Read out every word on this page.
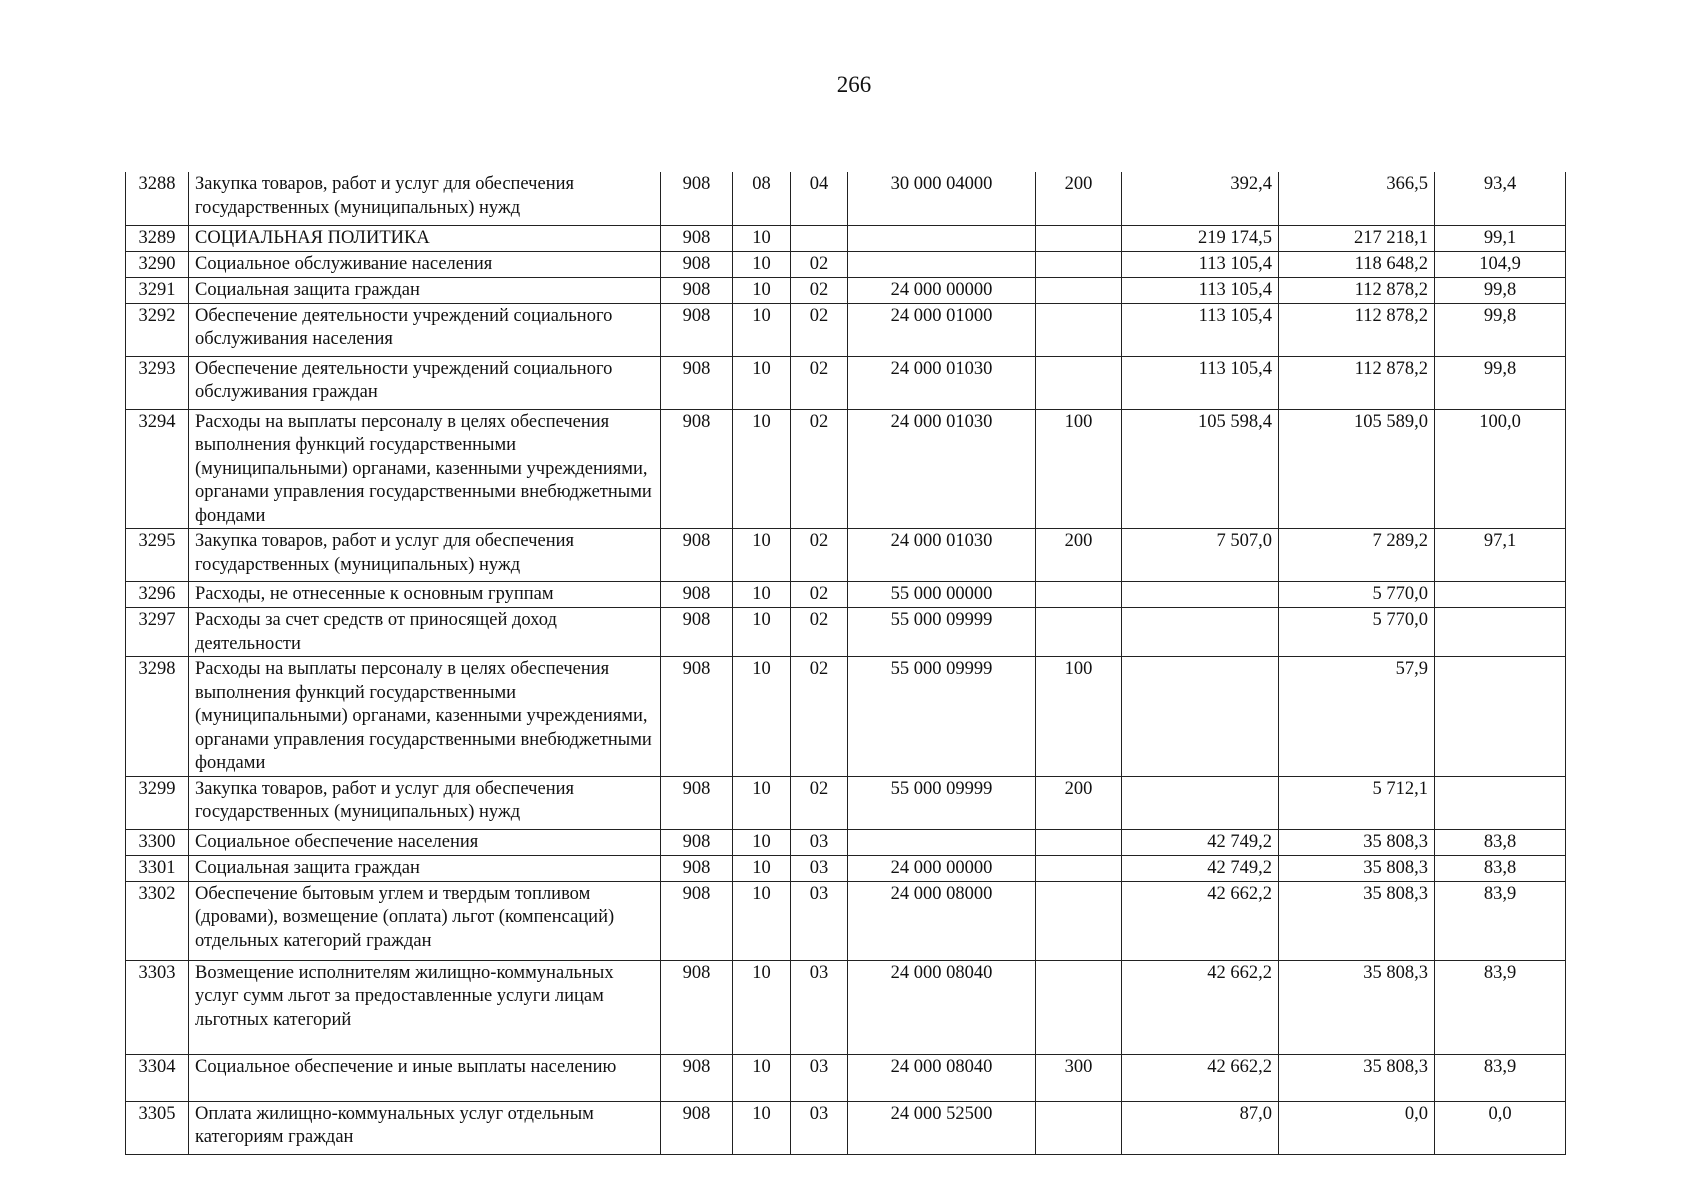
266
3288	Закупка товаров, работ и услуг для обеспечения государственных (муниципальных) нужд	908	08	04	30 000 04000	200	392,4	366,5	93,4
3289	СОЦИАЛЬНАЯ ПОЛИТИКА	908	10				219 174,5	217 218,1	99,1
3290	Социальное обслуживание населения	908	10	02			113 105,4	118 648,2	104,9
3291	Социальная защита граждан	908	10	02	24 000 00000		113 105,4	112 878,2	99,8
3292	Обеспечение деятельности учреждений социального обслуживания населения	908	10	02	24 000 01000		113 105,4	112 878,2	99,8
3293	Обеспечение деятельности учреждений социального обслуживания граждан	908	10	02	24 000 01030		113 105,4	112 878,2	99,8
3294	Расходы на выплаты персоналу в целях обеспечения выполнения функций государственными (муниципальными) органами, казенными учреждениями, органами управления государственными внебюджетными фондами	908	10	02	24 000 01030	100	105 598,4	105 589,0	100,0
3295	Закупка товаров, работ и услуг для обеспечения государственных (муниципальных) нужд	908	10	02	24 000 01030	200	7 507,0	7 289,2	97,1
3296	Расходы, не отнесенные к основным группам	908	10	02	55 000 00000			5 770,0	
3297	Расходы за счет средств от приносящей доход деятельности	908	10	02	55 000 09999			5 770,0	
3298	Расходы на выплаты персоналу в целях обеспечения выполнения функций государственными (муниципальными) органами, казенными учреждениями, органами управления государственными внебюджетными фондами	908	10	02	55 000 09999	100		57,9	
3299	Закупка товаров, работ и услуг для обеспечения государственных (муниципальных) нужд	908	10	02	55 000 09999	200		5 712,1	
3300	Социальное обеспечение населения	908	10	03			42 749,2	35 808,3	83,8
3301	Социальная защита граждан	908	10	03	24 000 00000		42 749,2	35 808,3	83,8
3302	Обеспечение бытовым углем и твердым топливом (дровами), возмещение (оплата) льгот (компенсаций) отдельных категорий граждан	908	10	03	24 000 08000		42 662,2	35 808,3	83,9
3303	Возмещение исполнителям жилищно-коммунальных услуг сумм льгот за предоставленные услуги лицам льготных категорий	908	10	03	24 000 08040		42 662,2	35 808,3	83,9
3304	Социальное обеспечение и иные выплаты населению	908	10	03	24 000 08040	300	42 662,2	35 808,3	83,9
3305	Оплата жилищно-коммунальных услуг отдельным категориям граждан	908	10	03	24 000 52500		87,0	0,0	0,0
